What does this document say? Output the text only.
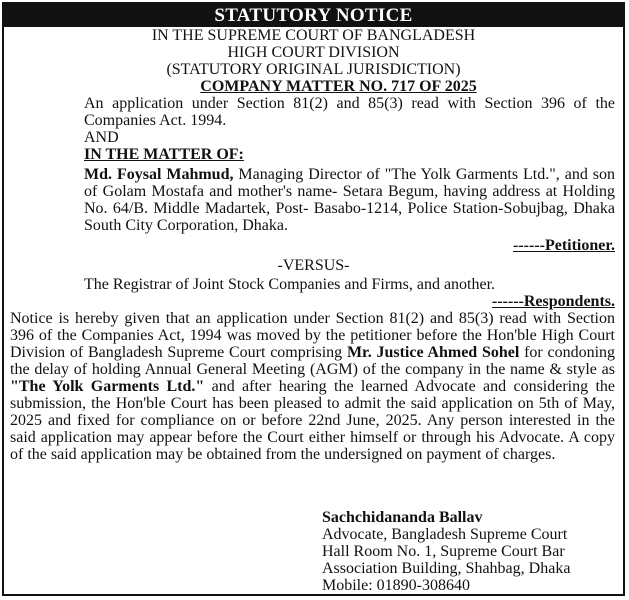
STATUTORY NOTICE
IN THE SUPREME COURT OF BANGLADESH
HIGH COURT DIVISION
(STATUTORY ORIGINAL JURISDICTION)
COMPANY MATTER NO. 717 OF 2025
An application under Section 81(2) and 85(3) read with Section 396 of the Companies Act. 1994.
AND
IN THE MATTER OF:
Md. Foysal Mahmud, Managing Director of "The Yolk Garments Ltd.", and son of Golam Mostafa and mother's name- Setara Begum, having address at Holding No. 64/B. Middle Madartek, Post- Basabo-1214, Police Station-Sobujbag, Dhaka South City Corporation, Dhaka.
------Petitioner.
-VERSUS-
The Registrar of Joint Stock Companies and Firms, and another.
------Respondents.
Notice is hereby given that an application under Section 81(2) and 85(3) read with Section 396 of the Companies Act, 1994 was moved by the petitioner before the Hon'ble High Court Division of Bangladesh Supreme Court comprising Mr. Justice Ahmed Sohel for condoning the delay of holding Annual General Meeting (AGM) of the company in the name & style as "The Yolk Garments Ltd." and after hearing the learned Advocate and considering the submission, the Hon'ble Court has been pleased to admit the said application on 5th of May, 2025 and fixed for compliance on or before 22nd June, 2025. Any person interested in the said application may appear before the Court either himself or through his Advocate. A copy of the said application may be obtained from the undersigned on payment of charges.
Sachchidananda Ballav
Advocate, Bangladesh Supreme Court
Hall Room No. 1, Supreme Court Bar
Association Building, Shahbag, Dhaka
Mobile: 01890-308640
